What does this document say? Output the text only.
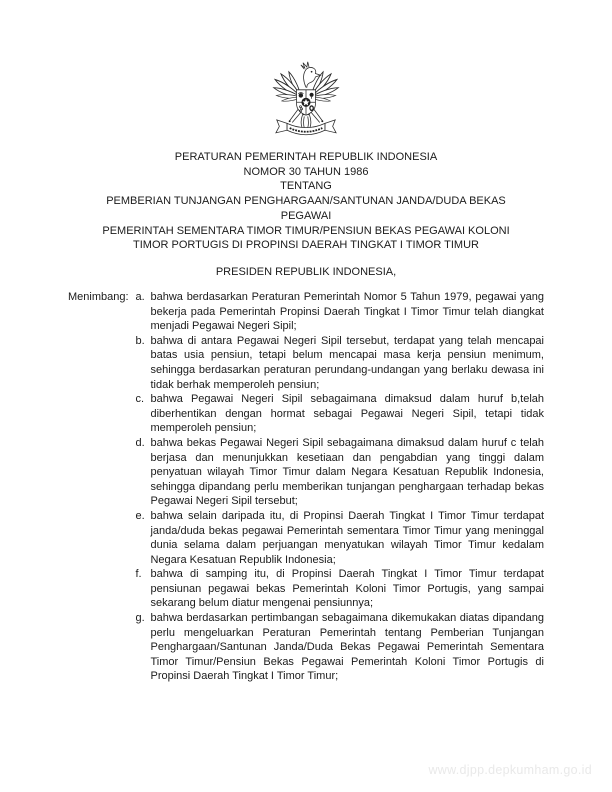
PERATURAN PEMERINTAH REPUBLIK INDONESIA
NOMOR 30 TAHUN 1986
TENTANG
PEMBERIAN TUNJANGAN PENGHARGAAN/SANTUNAN JANDA/DUDA BEKAS
PEGAWAI
PEMERINTAH SEMENTARA TIMOR TIMUR/PENSIUN BEKAS PEGAWAI KOLONI
TIMOR PORTUGIS DI PROPINSI DAERAH TINGKAT I TIMOR TIMUR
PRESIDEN REPUBLIK INDONESIA,
Menimbang : a. bahwa berdasarkan Peraturan Pemerintah Nomor 5 Tahun 1979, pegawai yang bekerja pada Pemerintah Propinsi Daerah Tingkat I Timor Timur telah diangkat menjadi Pegawai Negeri Sipil;
b. bahwa di antara Pegawai Negeri Sipil tersebut, terdapat yang telah mencapai batas usia pensiun, tetapi belum mencapai masa kerja pensiun menimum, sehingga berdasarkan peraturan perundang-undangan yang berlaku dewasa ini tidak berhak memperoleh pensiun;
c. bahwa Pegawai Negeri Sipil sebagaimana dimaksud dalam huruf b,telah diberhentikan dengan hormat sebagai Pegawai Negeri Sipil, tetapi tidak memperoleh pensiun;
d. bahwa bekas Pegawai Negeri Sipil sebagaimana dimaksud dalam huruf c telah berjasa dan menunjukkan kesetiaan dan pengabdian yang tinggi dalam penyatuan wilayah Timor Timur dalam Negara Kesatuan Republik Indonesia, sehingga dipandang perlu memberikan tunjangan penghargaan terhadap bekas Pegawai Negeri Sipil tersebut;
e. bahwa selain daripada itu, di Propinsi Daerah Tingkat I Timor Timur terdapat janda/duda bekas pegawai Pemerintah sementara Timor Timur yang meninggal dunia selama dalam perjuangan menyatukan wilayah Timor Timur kedalam Negara Kesatuan Republik Indonesia;
f. bahwa di samping itu, di Propinsi Daerah Tingkat I Timor Timur terdapat pensiunan pegawai bekas Pemerintah Koloni Timor Portugis, yang sampai sekarang belum diatur mengenai pensiunnya;
g. bahwa berdasarkan pertimbangan sebagaimana dikemukakan diatas dipandang perlu mengeluarkan Peraturan Pemerintah tentang Pemberian Tunjangan Penghargaan/Santunan Janda/Duda Bekas Pegawai Pemerintah Sementara Timor Timur/Pensiun Bekas Pegawai Pemerintah Koloni Timor Portugis di Propinsi Daerah Tingkat I Timor Timur;
www.djpp.depkumham.go.id
